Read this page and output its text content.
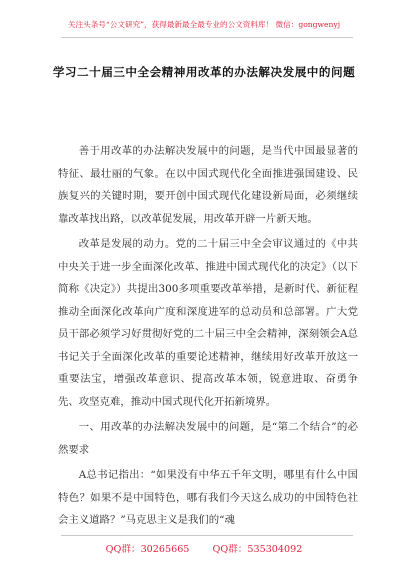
关注头条号“公文研究”，获得最新最全最专业的公文资料库！ 微信：gongwenyj
学习二十届三中全会精神用改革的办法解决发展中的问题

善于用改革的办法解决发展中的问题，是当代中国最显著的特征、最壮丽的气象。在以中国式现代化全面推进强国建设、民族复兴的关键时期，要开创中国式现代化建设新局面，必须继续靠改革找出路，以改革促发展，用改革开辟一片新天地。

改革是发展的动力。党的二十届三中全会审议通过的《中共中央关于进一步全面深化改革、推进中国式现代化的决定》（以下简称《决定》）共提出300多项重要改革举措，是新时代、新征程推动全面深化改革向广度和深度进军的总动员和总部署。广大党员干部必须学习好贯彻好党的二十届三中全会精神，深刻领会A总书记关于全面深化改革的重要论述精神，继续用好改革开放这一重要法宝，增强改革意识、提高改革本领，锐意进取、奋勇争先、攻坚克难，推动中国式现代化开拓新境界。

一、用改革的办法解决发展中的问题，是“第二个结合”的必然要求

A总书记指出：“如果没有中华五千年文明，哪里有什么中国特色？如果不是中国特色，哪有我们今天这么成功的中国特色社会主义道路？”马克思主义是我们的“魂

QQ群：30265665 QQ群：535304092
